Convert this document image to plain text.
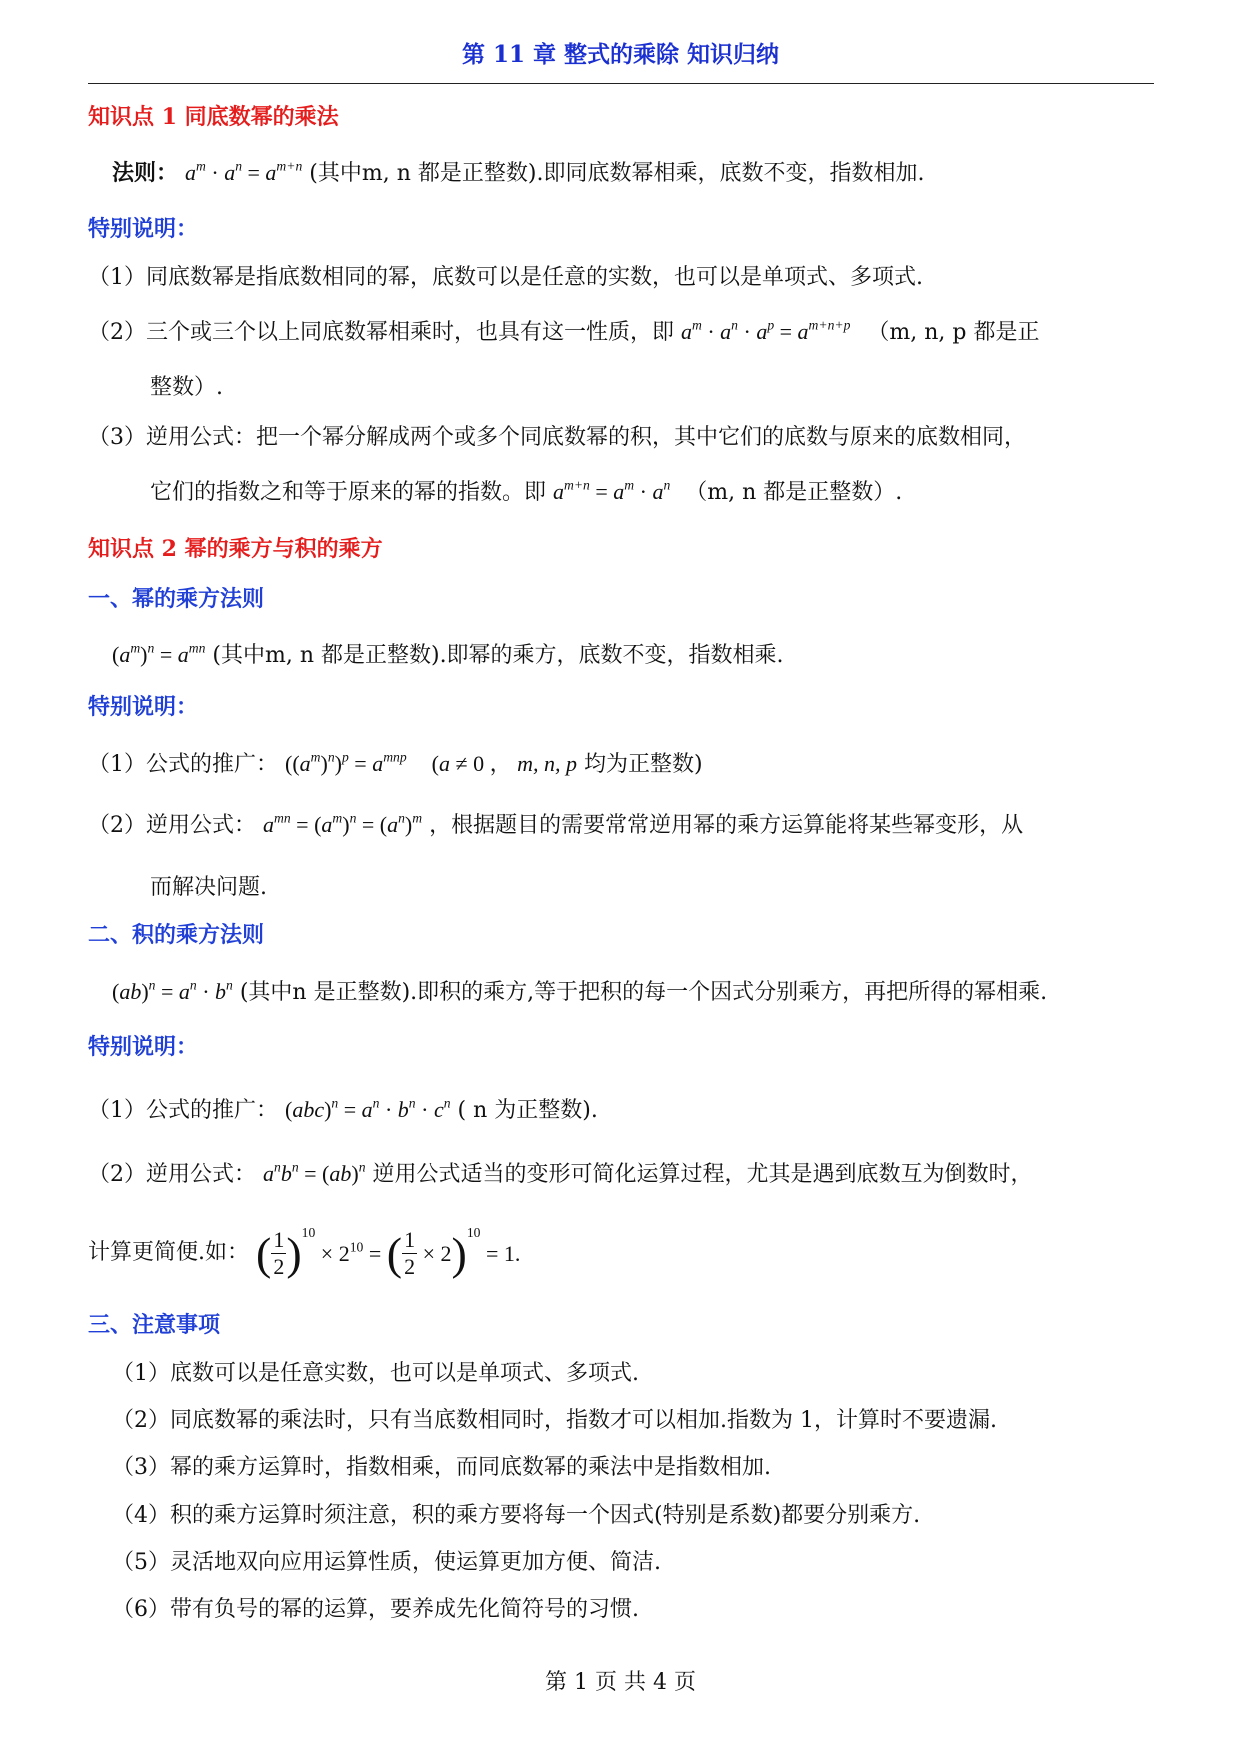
第 11 章 整式的乘除 知识归纳
知识点 1 同底数幂的乘法
法则： $a^m \cdot a^n = a^{m+n}$ (其中m, n 都是正整数).即同底数幂相乘，底数不变，指数相加.
特别说明：
（1）同底数幂是指底数相同的幂，底数可以是任意的实数，也可以是单项式、多项式.
（2）三个或三个以上同底数幂相乘时，也具有这一性质，即 $a^m \cdot a^n \cdot a^p = a^{m+n+p}$ （m, n, p 都是正
整数）.
（3）逆用公式：把一个幂分解成两个或多个同底数幂的积，其中它们的底数与原来的底数相同，
它们的指数之和等于原来的幂的指数。即 $a^{m+n} = a^m \cdot a^n$ （m, n 都是正整数）.
知识点 2 幂的乘方与积的乘方
一、幂的乘方法则
$(a^m)^n = a^{mn}$ (其中m, n 都是正整数).即幂的乘方，底数不变，指数相乘.
特别说明：
（1）公式的推广： $((a^m)^n)^p = a^{mnp}$ (a ≠ 0 ， m, n, p 均为正整数)
（2）逆用公式： $a^{mn} = (a^m)^n = (a^n)^m$ ，根据题目的需要常常逆用幂的乘方运算能将某些幂变形，从
而解决问题.
二、积的乘方法则
$(ab)^n = a^n \cdot b^n$ (其中n 是正整数).即积的乘方,等于把积的每一个因式分别乘方，再把所得的幂相乘.
特别说明：
（1）公式的推广： $(abc)^n = a^n \cdot b^n \cdot c^n$ ( n 为正整数).
（2）逆用公式： $a^nb^n = (ab)^n$ 逆用公式适当的变形可简化运算过程，尤其是遇到底数互为倒数时，
计算更简便.如： ( $\frac{1}{2} )^{10} \times 2^{10}$ = ( $\frac{1}{2} \times 2)^{10} = 1$.
三、注意事项
（1）底数可以是任意实数，也可以是单项式、多项式.
（2）同底数幂的乘法时，只有当底数相同时，指数才可以相加.指数为 1，计算时不要遗漏.
（3）幂的乘方运算时，指数相乘，而同底数幂的乘法中是指数相加.
（4）积的乘方运算时须注意，积的乘方要将每一个因式(特别是系数)都要分别乘方.
（5）灵活地双向应用运算性质，使运算更加方便、简洁.
（6）带有负号的幂的运算，要养成先化简符号的习惯.
第 1 页 共 4 页
